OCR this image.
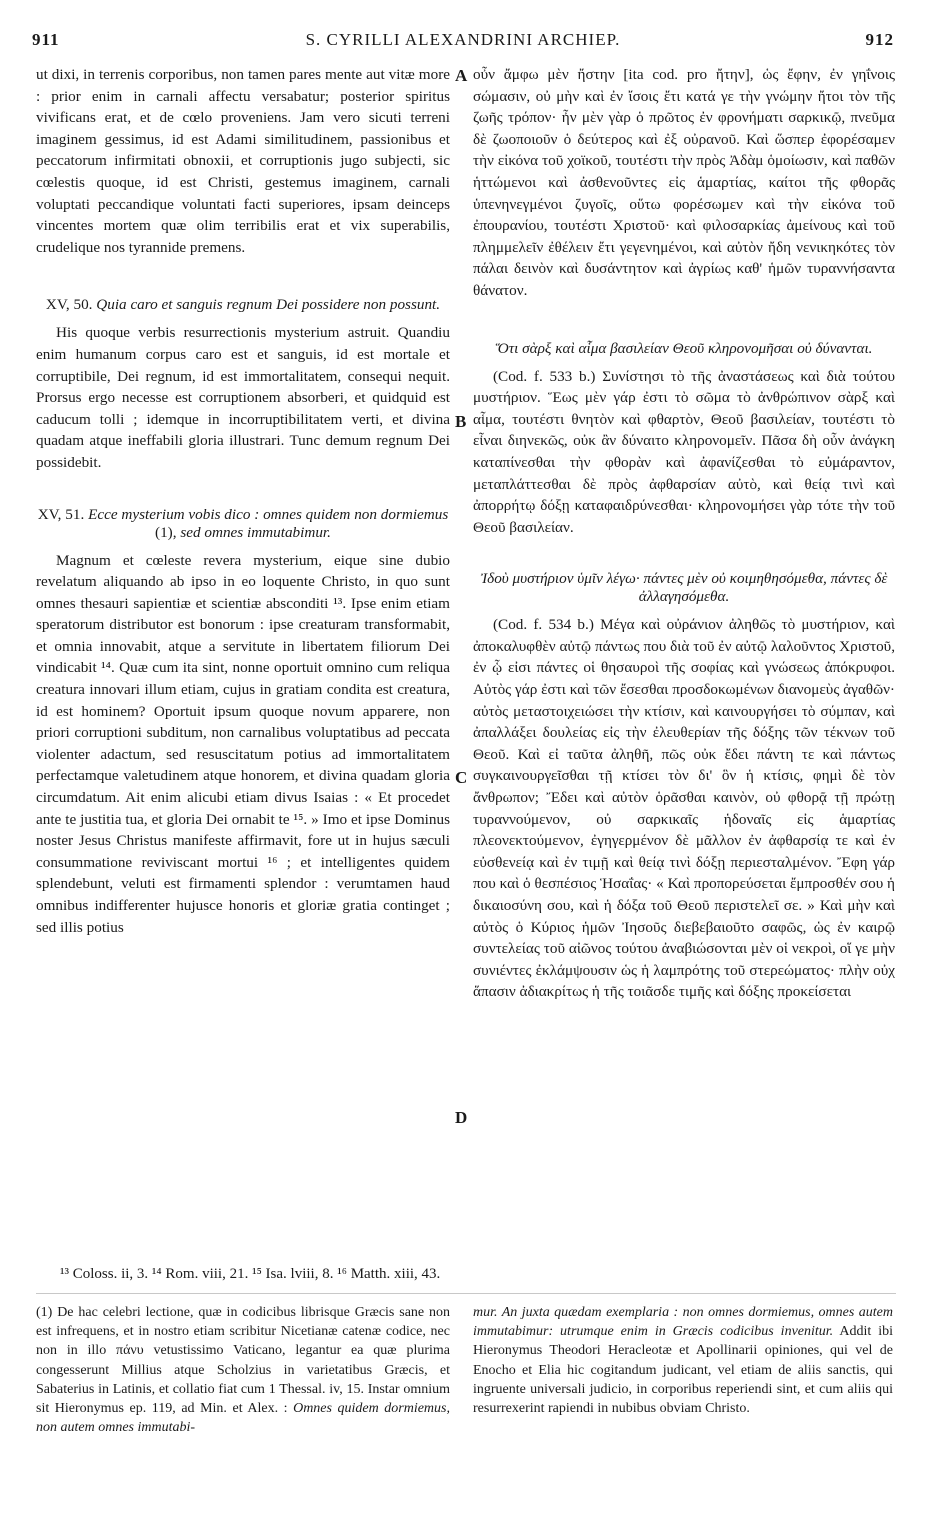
911	S. CYRILLI ALEXANDRINI ARCHIEP.	912
A
B
C
D
ut dixi, in terrenis corporibus, non tamen pares mente aut vitæ more : prior enim in carnali affectu versabatur; posterior spiritus vivificans erat, et de cœlo proveniens. Jam vero sicuti terreni imaginem gessimus, id est Adami similitudinem, passionibus et peccatorum infirmitati obnoxii, et corruptionis jugo subjecti, sic cœlestis quoque, id est Christi, gestemus imaginem, carnali voluptati peccandique voluntati facti superiores, ipsam deinceps vincentes mortem quæ olim terribilis erat et vix superabilis, crudelique nos tyrannide premens.
XV, 50. Quia caro et sanguis regnum Dei possidere non possunt.
His quoque verbis resurrectionis mysterium astruit. Quandiu enim humanum corpus caro est et sanguis, id est mortale et corruptibile, Dei regnum, id est immortalitatem, consequi nequit. Prorsus ergo necesse est corruptionem absorberi, et quidquid est caducum tolli ; idemque in incorruptibilitatem verti, et divina quadam atque ineffabili gloria illustrari. Tunc demum regnum Dei possidebit.
XV, 51. Ecce mysterium vobis dico : omnes quidem non dormiemus (1), sed omnes immutabimur.
Magnum et cœleste revera mysterium, eique sine dubio revelatum aliquando ab ipso in eo loquente Christo, in quo sunt omnes thesauri sapientiæ et scientiæ absconditi ¹³. Ipse enim etiam speratorum distributor est bonorum : ipse creaturam transformabit, et omnia innovabit, atque a servitute in libertatem filiorum Dei vindicabit ¹⁴. Quæ cum ita sint, nonne oportuit omnino cum reliqua creatura innovari illum etiam, cujus in gratiam condita est creatura, id est hominem? Oportuit ipsum quoque novum apparere, non priori corruptioni subditum, non carnalibus voluptatibus ad peccata violenter adactum, sed resuscitatum potius ad immortalitatem perfectamque valetudinem atque honorem, et divina quadam gloria circumdatum. Ait enim alicubi etiam divus Isaias : « Et procedet ante te justitia tua, et gloria Dei ornabit te ¹⁵. » Imo et ipse Dominus noster Jesus Christus manifeste affirmavit, fore ut in hujus sæculi consummatione reviviscant mortui ¹⁶ ; et intelligentes quidem splendebunt, veluti est firmamenti splendor : verumtamen haud omnibus indifferenter hujusce honoris et gloriæ gratia continget ; sed illis potius
οὖν ἄμφω μὲν ἤστην [ita cod. pro ἤτην], ὡς ἔφην, ἐν γηΐνοις σώμασιν, οὐ μὴν καὶ ἐν ἴσοις ἔτι κατά γε τὴν γνώμην ἤτοι τὸν τῆς ζωῆς τρόπον· ἦν μὲν γὰρ ὁ πρῶτος ἐν φρονήματι σαρκικῷ, πνεῦμα δὲ ζωοποιοῦν ὁ δεύτερος καὶ ἐξ οὐρανοῦ. Καὶ ὥσπερ ἐφορέσαμεν τὴν εἰκόνα τοῦ χοϊκοῦ, τουτέστι τὴν πρὸς Ἀδὰμ ὁμοίωσιν, καὶ παθῶν ἡττώμενοι καὶ ἀσθενοῦντες εἰς ἁμαρτίας, καίτοι τῆς φθορᾶς ὑπενηνεγμένοι ζυγοῖς, οὕτω φορέσωμεν καὶ τὴν εἰκόνα τοῦ ἐπουρανίου, τουτέστι Χριστοῦ· καὶ φιλοσαρκίας ἀμείνους καὶ τοῦ πλημμελεῖν ἐθέλειν ἔτι γεγενημένοι, καὶ αὐτὸν ἤδη νενικηκότες τὸν πάλαι δεινὸν καὶ δυσάντητον καὶ ἀγρίως καθ' ἡμῶν τυραννήσαντα θάνατον.
Ὅτι σὰρξ καὶ αἷμα βασιλείαν Θεοῦ κληρονομῆσαι οὐ δύνανται.
(Cod. f. 533 b.) Συνίστησι τὸ τῆς ἀναστάσεως καὶ διὰ τούτου μυστήριον. Ἕως μὲν γάρ ἐστι τὸ σῶμα τὸ ἀνθρώπινον σὰρξ καὶ αἷμα, τουτέστι θνητὸν καὶ φθαρτὸν, Θεοῦ βασιλείαν, τουτέστι τὸ εἶναι διηνεκῶς, οὐκ ἂν δύναιτο κληρονομεῖν. Πᾶσα δὴ οὖν ἀνάγκη καταπίνεσθαι τὴν φθορὰν καὶ ἀφανίζεσθαι τὸ εὐμάραντον, μεταπλάττεσθαι δὲ πρὸς ἀφθαρσίαν αὐτὸ, καὶ θείᾳ τινὶ καὶ ἀπορρήτῳ δόξῃ καταφαιδρύνεσθαι· κληρονομήσει γὰρ τότε τὴν τοῦ Θεοῦ βασιλείαν.
Ἰδοὺ μυστήριον ὑμῖν λέγω· πάντες μὲν οὐ κοιμηθησόμεθα, πάντες δὲ ἀλλαγησόμεθα.
(Cod. f. 534 b.) Μέγα καὶ οὐράνιον ἀληθῶς τὸ μυστήριον, καὶ ἀποκαλυφθὲν αὐτῷ πάντως που διὰ τοῦ ἐν αὐτῷ λαλοῦντος Χριστοῦ, ἐν ᾧ εἰσι πάντες οἱ θησαυροὶ τῆς σοφίας καὶ γνώσεως ἀπόκρυφοι. Αὐτὸς γάρ ἐστι καὶ τῶν ἔσεσθαι προσδοκωμένων διανομεὺς ἀγαθῶν· αὐτὸς μεταστοιχειώσει τὴν κτίσιν, καὶ καινουργήσει τὸ σύμπαν, καὶ ἀπαλλάξει δουλείας εἰς τὴν ἐλευθερίαν τῆς δόξης τῶν τέκνων τοῦ Θεοῦ. Καὶ εἰ ταῦτα ἀληθῆ, πῶς οὐκ ἔδει πάντη τε καὶ πάντως συγκαινουργεῖσθαι τῇ κτίσει τὸν δι' ὃν ἡ κτίσις, φημὶ δὲ τὸν ἄνθρωπον; Ἔδει καὶ αὐτὸν ὁρᾶσθαι καινὸν, οὐ φθορᾷ τῇ πρώτῃ τυραννούμενον, οὐ σαρκικαῖς ἡδοναῖς εἰς ἁμαρτίας πλεονεκτούμενον, ἐγηγερμένον δὲ μᾶλλον ἐν ἀφθαρσίᾳ τε καὶ ἐν εὐσθενείᾳ καὶ ἐν τιμῇ καὶ θείᾳ τινὶ δόξῃ περιεσταλμένον. Ἔφη γάρ που καὶ ὁ θεσπέσιος Ἡσαΐας· « Καὶ προπορεύσεται ἔμπροσθέν σου ἡ δικαιοσύνη σου, καὶ ἡ δόξα τοῦ Θεοῦ περιστελεῖ σε. » Καὶ μὴν καὶ αὐτὸς ὁ Κύριος ἡμῶν Ἰησοῦς διεβεβαιοῦτο σαφῶς, ὡς ἐν καιρῷ συντελείας τοῦ αἰῶνος τούτου ἀναβιώσονται μὲν οἱ νεκροὶ, οἵ γε μὴν συνιέντες ἐκλάμψουσιν ὡς ἡ λαμπρότης τοῦ στερεώματος· πλὴν οὐχ ἅπασιν ἀδιακρίτως ἡ τῆς τοιᾶσδε τιμῆς καὶ δόξης προκείσεται
¹³ Coloss. ii, 3. ¹⁴ Rom. viii, 21. ¹⁵ Isa. lviii, 8. ¹⁶ Matth. xiii, 43.
(1) De hac celebri lectione, quæ in codicibus librisque Græcis sane non est infrequens, et in nostro etiam scribitur Nicetianæ catenæ codice, nec non in illo πάνυ vetustissimo Vaticano, legantur ea quæ plurima congesserunt Millius atque Scholzius in varietatibus Græcis, et Sabaterius in Latinis, et collatio fiat cum 1 Thessal. iv, 15. Instar omnium sit Hieronymus ep. 119, ad Min. et Alex. : Omnes quidem dormiemus, non autem omnes immutabi-
mur. An juxta quædam exemplaria : non omnes dormiemus, omnes autem immutabimur: utrumque enim in Græcis codicibus invenitur. Addit ibi Hieronymus Theodori Heracleotæ et Apollinarii opiniones, qui vel de Enocho et Elia hic cogitandum judicant, vel etiam de aliis sanctis, qui ingruente universali judicio, in corporibus reperiendi sint, et cum aliis qui resurrexerint rapiendi in nubibus obviam Christo.
